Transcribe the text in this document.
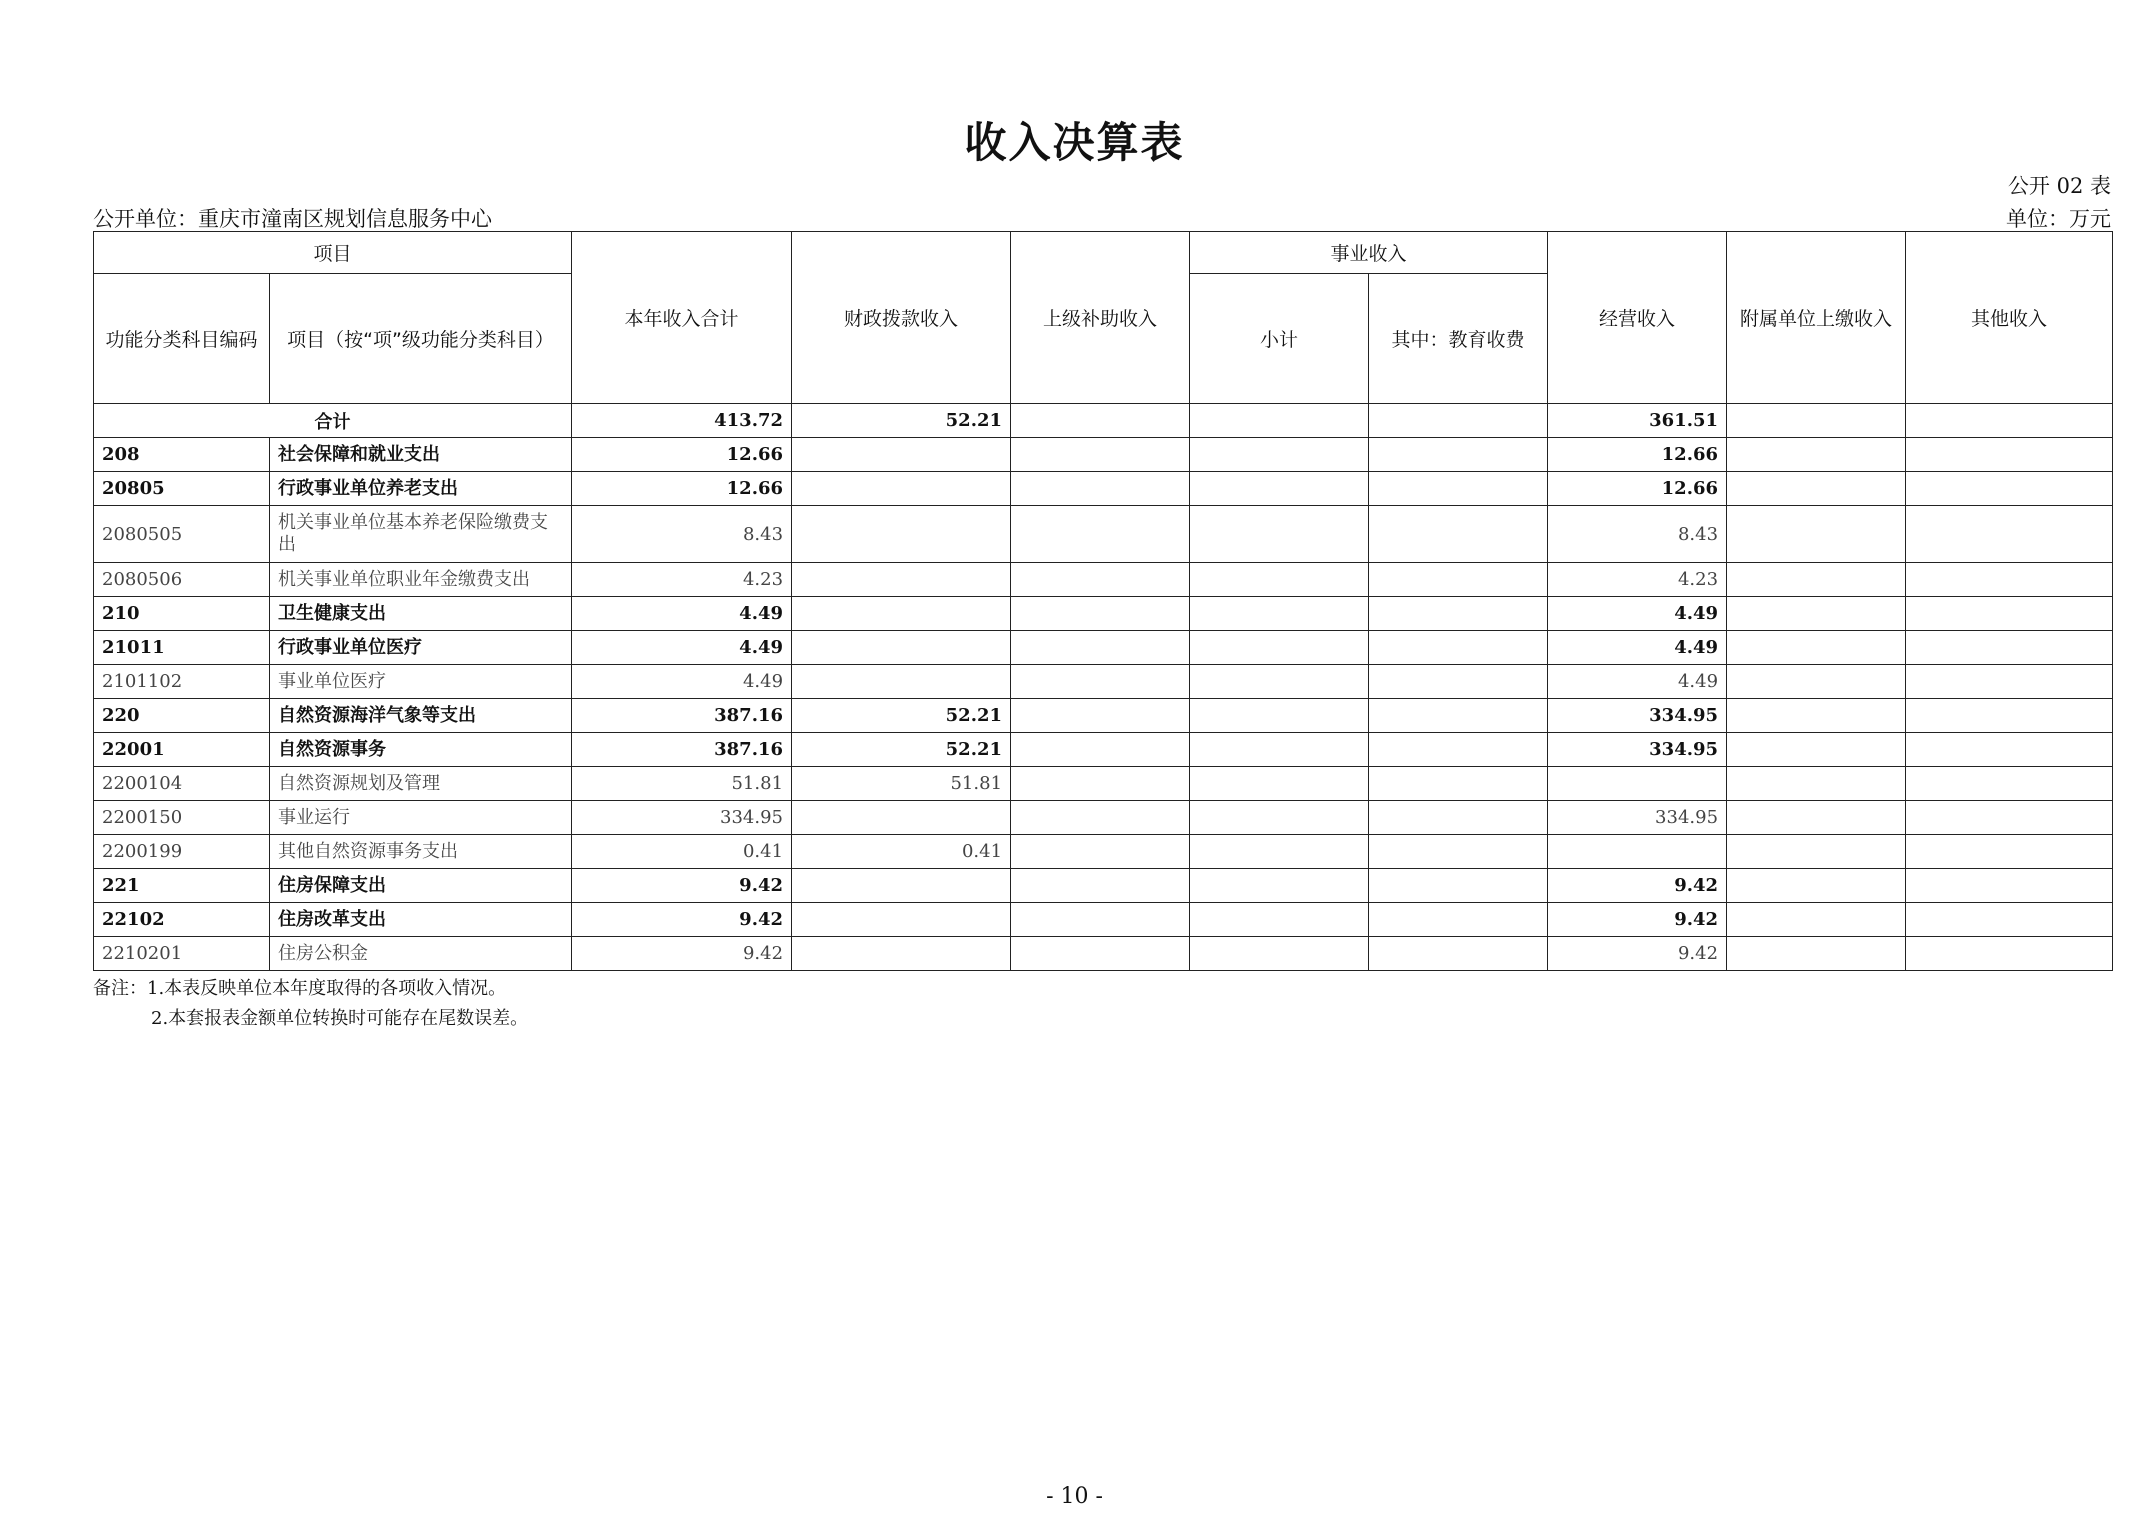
收入决算表
公开 02 表
公开单位：重庆市潼南区规划信息服务中心	单位：万元
项目		本年收入合计	财政拨款收入	上级补助收入	事业收入		经营收入	附属单位上缴收入	其他收入
功能分类科目编码	项目（按“项”级功能分类科目）				小计	其中：教育收费			
合计		413.72	52.21				361.51		
208	社会保障和就业支出	12.66					12.66		
20805	行政事业单位养老支出	12.66					12.66		
2080505	机关事业单位基本养老保险缴费支出	8.43					8.43		
2080506	机关事业单位职业年金缴费支出	4.23					4.23		
210	卫生健康支出	4.49					4.49		
21011	行政事业单位医疗	4.49					4.49		
2101102	事业单位医疗	4.49					4.49		
220	自然资源海洋气象等支出	387.16	52.21				334.95		
22001	自然资源事务	387.16	52.21				334.95		
2200104	自然资源规划及管理	51.81	51.81						
2200150	事业运行	334.95					334.95		
2200199	其他自然资源事务支出	0.41	0.41						
221	住房保障支出	9.42					9.42		
22102	住房改革支出	9.42					9.42		
2210201	住房公积金	9.42					9.42		
备注：1.本表反映单位本年度取得的各项收入情况。
2.本套报表金额单位转换时可能存在尾数误差。
- 10 -
